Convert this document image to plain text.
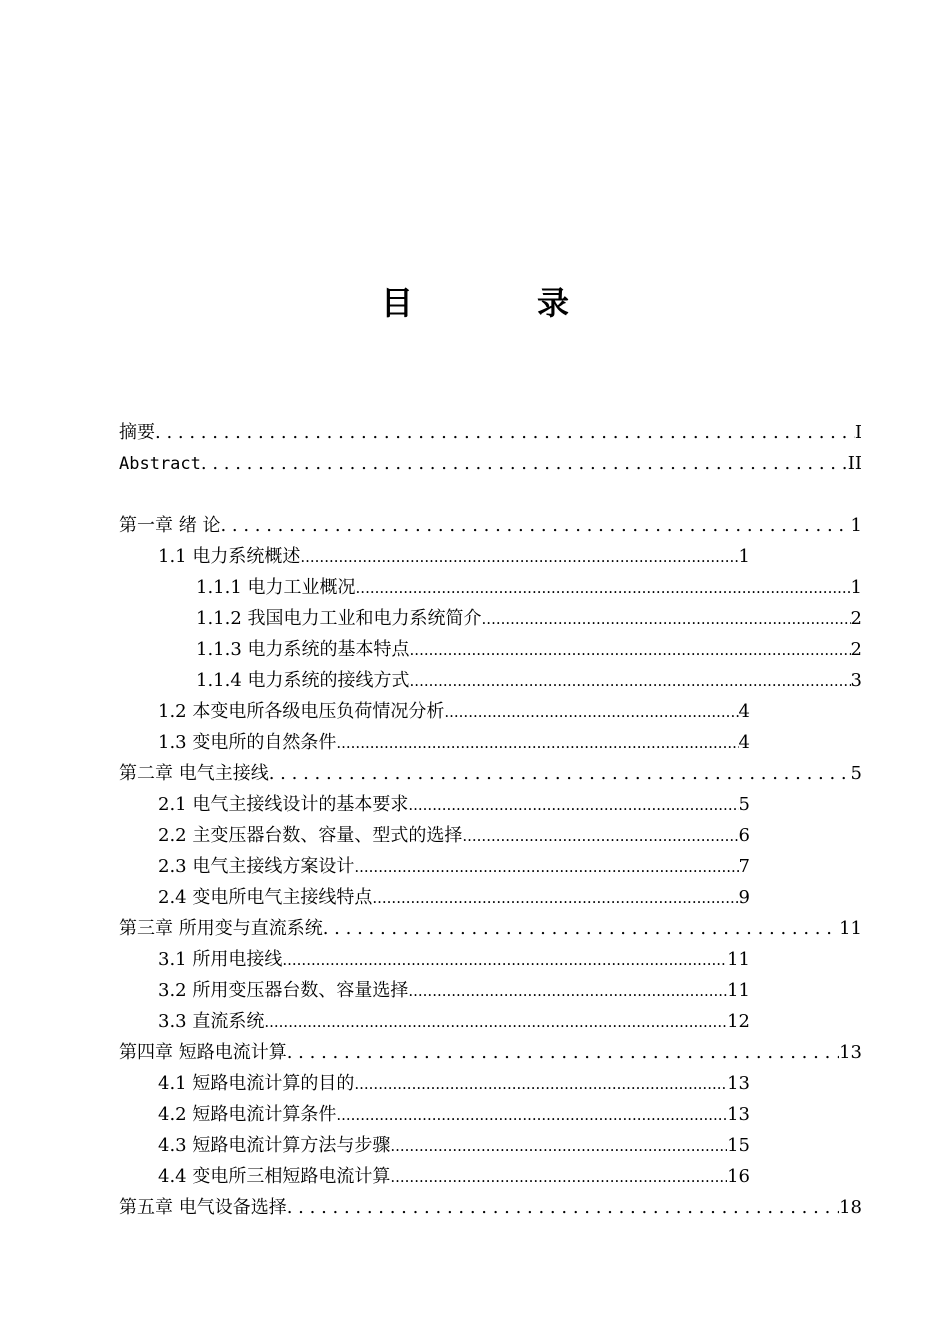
目　录
摘要 . . .	I
Abstract . . .	II
第一章 绪 论 . . .	1
1.1 电力系统概述 .....	1
1.1.1 电力工业概况 .....	1
1.1.2 我国电力工业和电力系统简介 .....	2
1.1.3 电力系统的基本特点 .....	2
1.1.4 电力系统的接线方式 .....	3
1.2 本变电所各级电压负荷情况分析 .....	4
1.3 变电所的自然条件 .....	4
第二章 电气主接线 . . .	5
2.1 电气主接线设计的基本要求 .....	5
2.2 主变压器台数、容量、型式的选择 .....	6
2.3 电气主接线方案设计 .....	7
2.4 变电所电气主接线特点 .....	9
第三章 所用变与直流系统 . . .	11
3.1 所用电接线 .....	11
3.2 所用变压器台数、容量选择 .....	11
3.3 直流系统 .....	12
第四章 短路电流计算 . . .	13
4.1 短路电流计算的目的 .....	13
4.2 短路电流计算条件 .....	13
4.3 短路电流计算方法与步骤 .....	15
4.4 变电所三相短路电流计算 .....	16
第五章 电气设备选择 . . .	18
